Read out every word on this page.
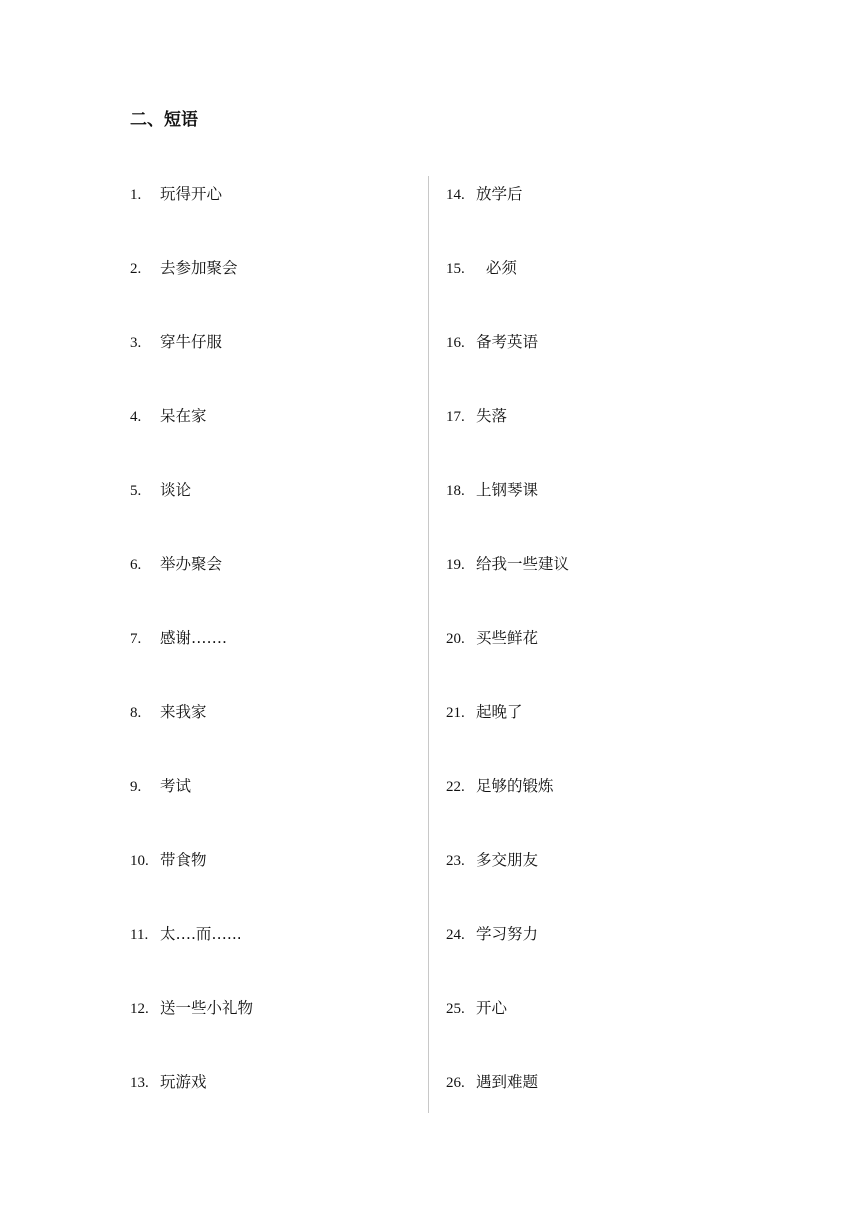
二、短语
1. 玩得开心
2. 去参加聚会
3. 穿牛仔服
4. 呆在家
5. 谈论
6. 举办聚会
7. 感谢…….
8. 来我家
9. 考试
10. 带食物
11. 太….而…...
12. 送一些小礼物
13. 玩游戏
14. 放学后
15.  必须
16. 备考英语
17. 失落
18. 上钢琴课
19. 给我一些建议
20. 买些鲜花
21. 起晚了
22. 足够的锻炼
23. 多交朋友
24. 学习努力
25. 开心
26. 遇到难题
